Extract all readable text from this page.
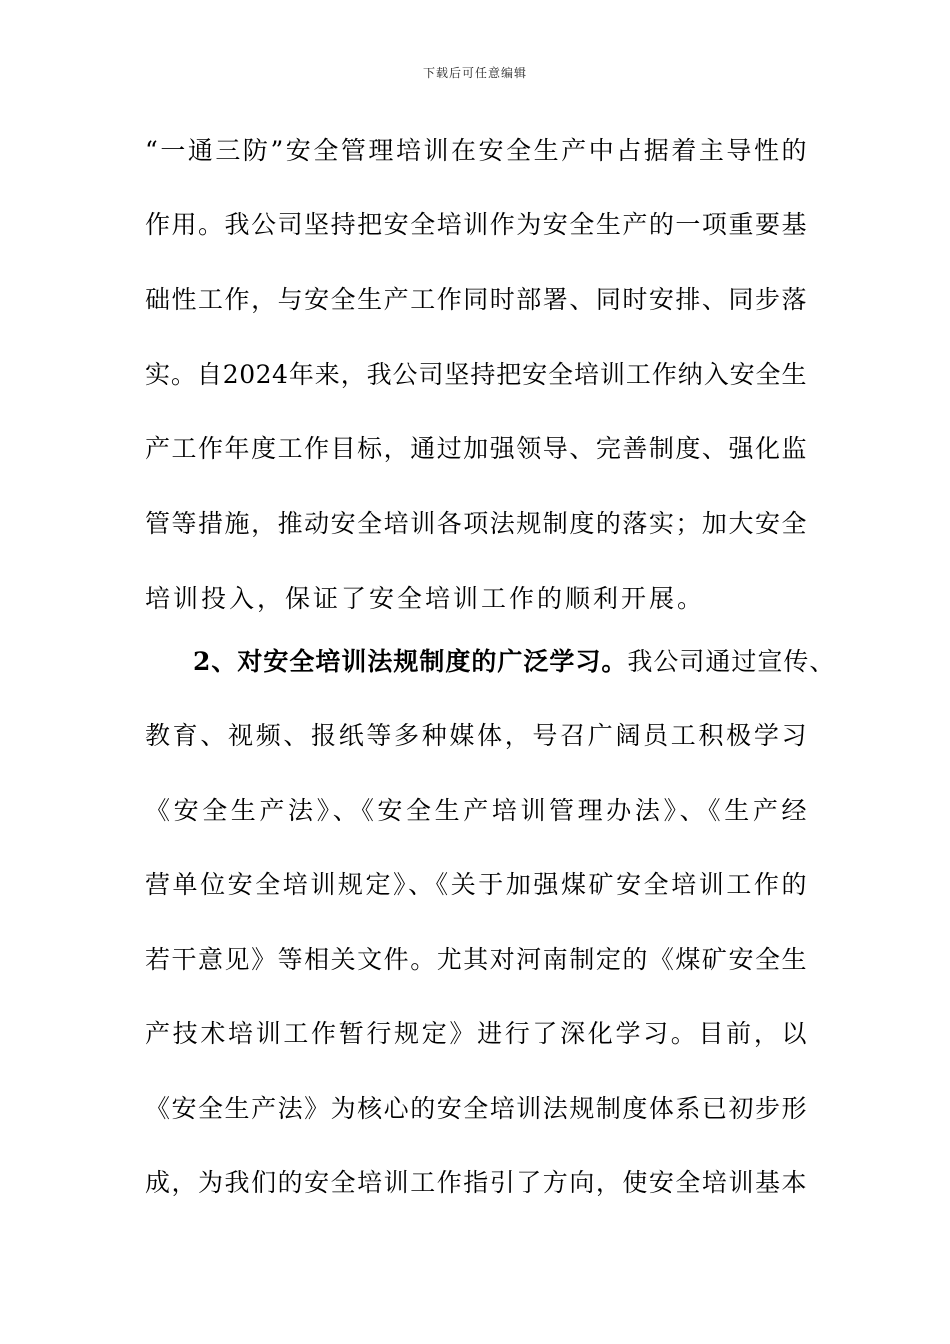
下载后可任意编辑
“一通三防”安全管理培训在安全生产中占据着主导性的
作用。我公司坚持把安全培训作为安全生产的一项重要基
础性工作，与安全生产工作同时部署、同时安排、同步落
实。自2024年来，我公司坚持把安全培训工作纳入安全生
产工作年度工作目标，通过加强领导、完善制度、强化监
管等措施，推动安全培训各项法规制度的落实；加大安全
培训投入，保证了安全培训工作的顺利开展。
2、对安全培训法规制度的广泛学习。我公司通过宣传、
教育、视频、报纸等多种媒体，号召广阔员工积极学习
《安全生产法》、《安全生产培训管理办法》、《生产经
营单位安全培训规定》、《关于加强煤矿安全培训工作的
若干意见》等相关文件。尤其对河南制定的《煤矿安全生
产技术培训工作暂行规定》进行了深化学习。目前，以
《安全生产法》为核心的安全培训法规制度体系已初步形
成，为我们的安全培训工作指引了方向，使安全培训基本
